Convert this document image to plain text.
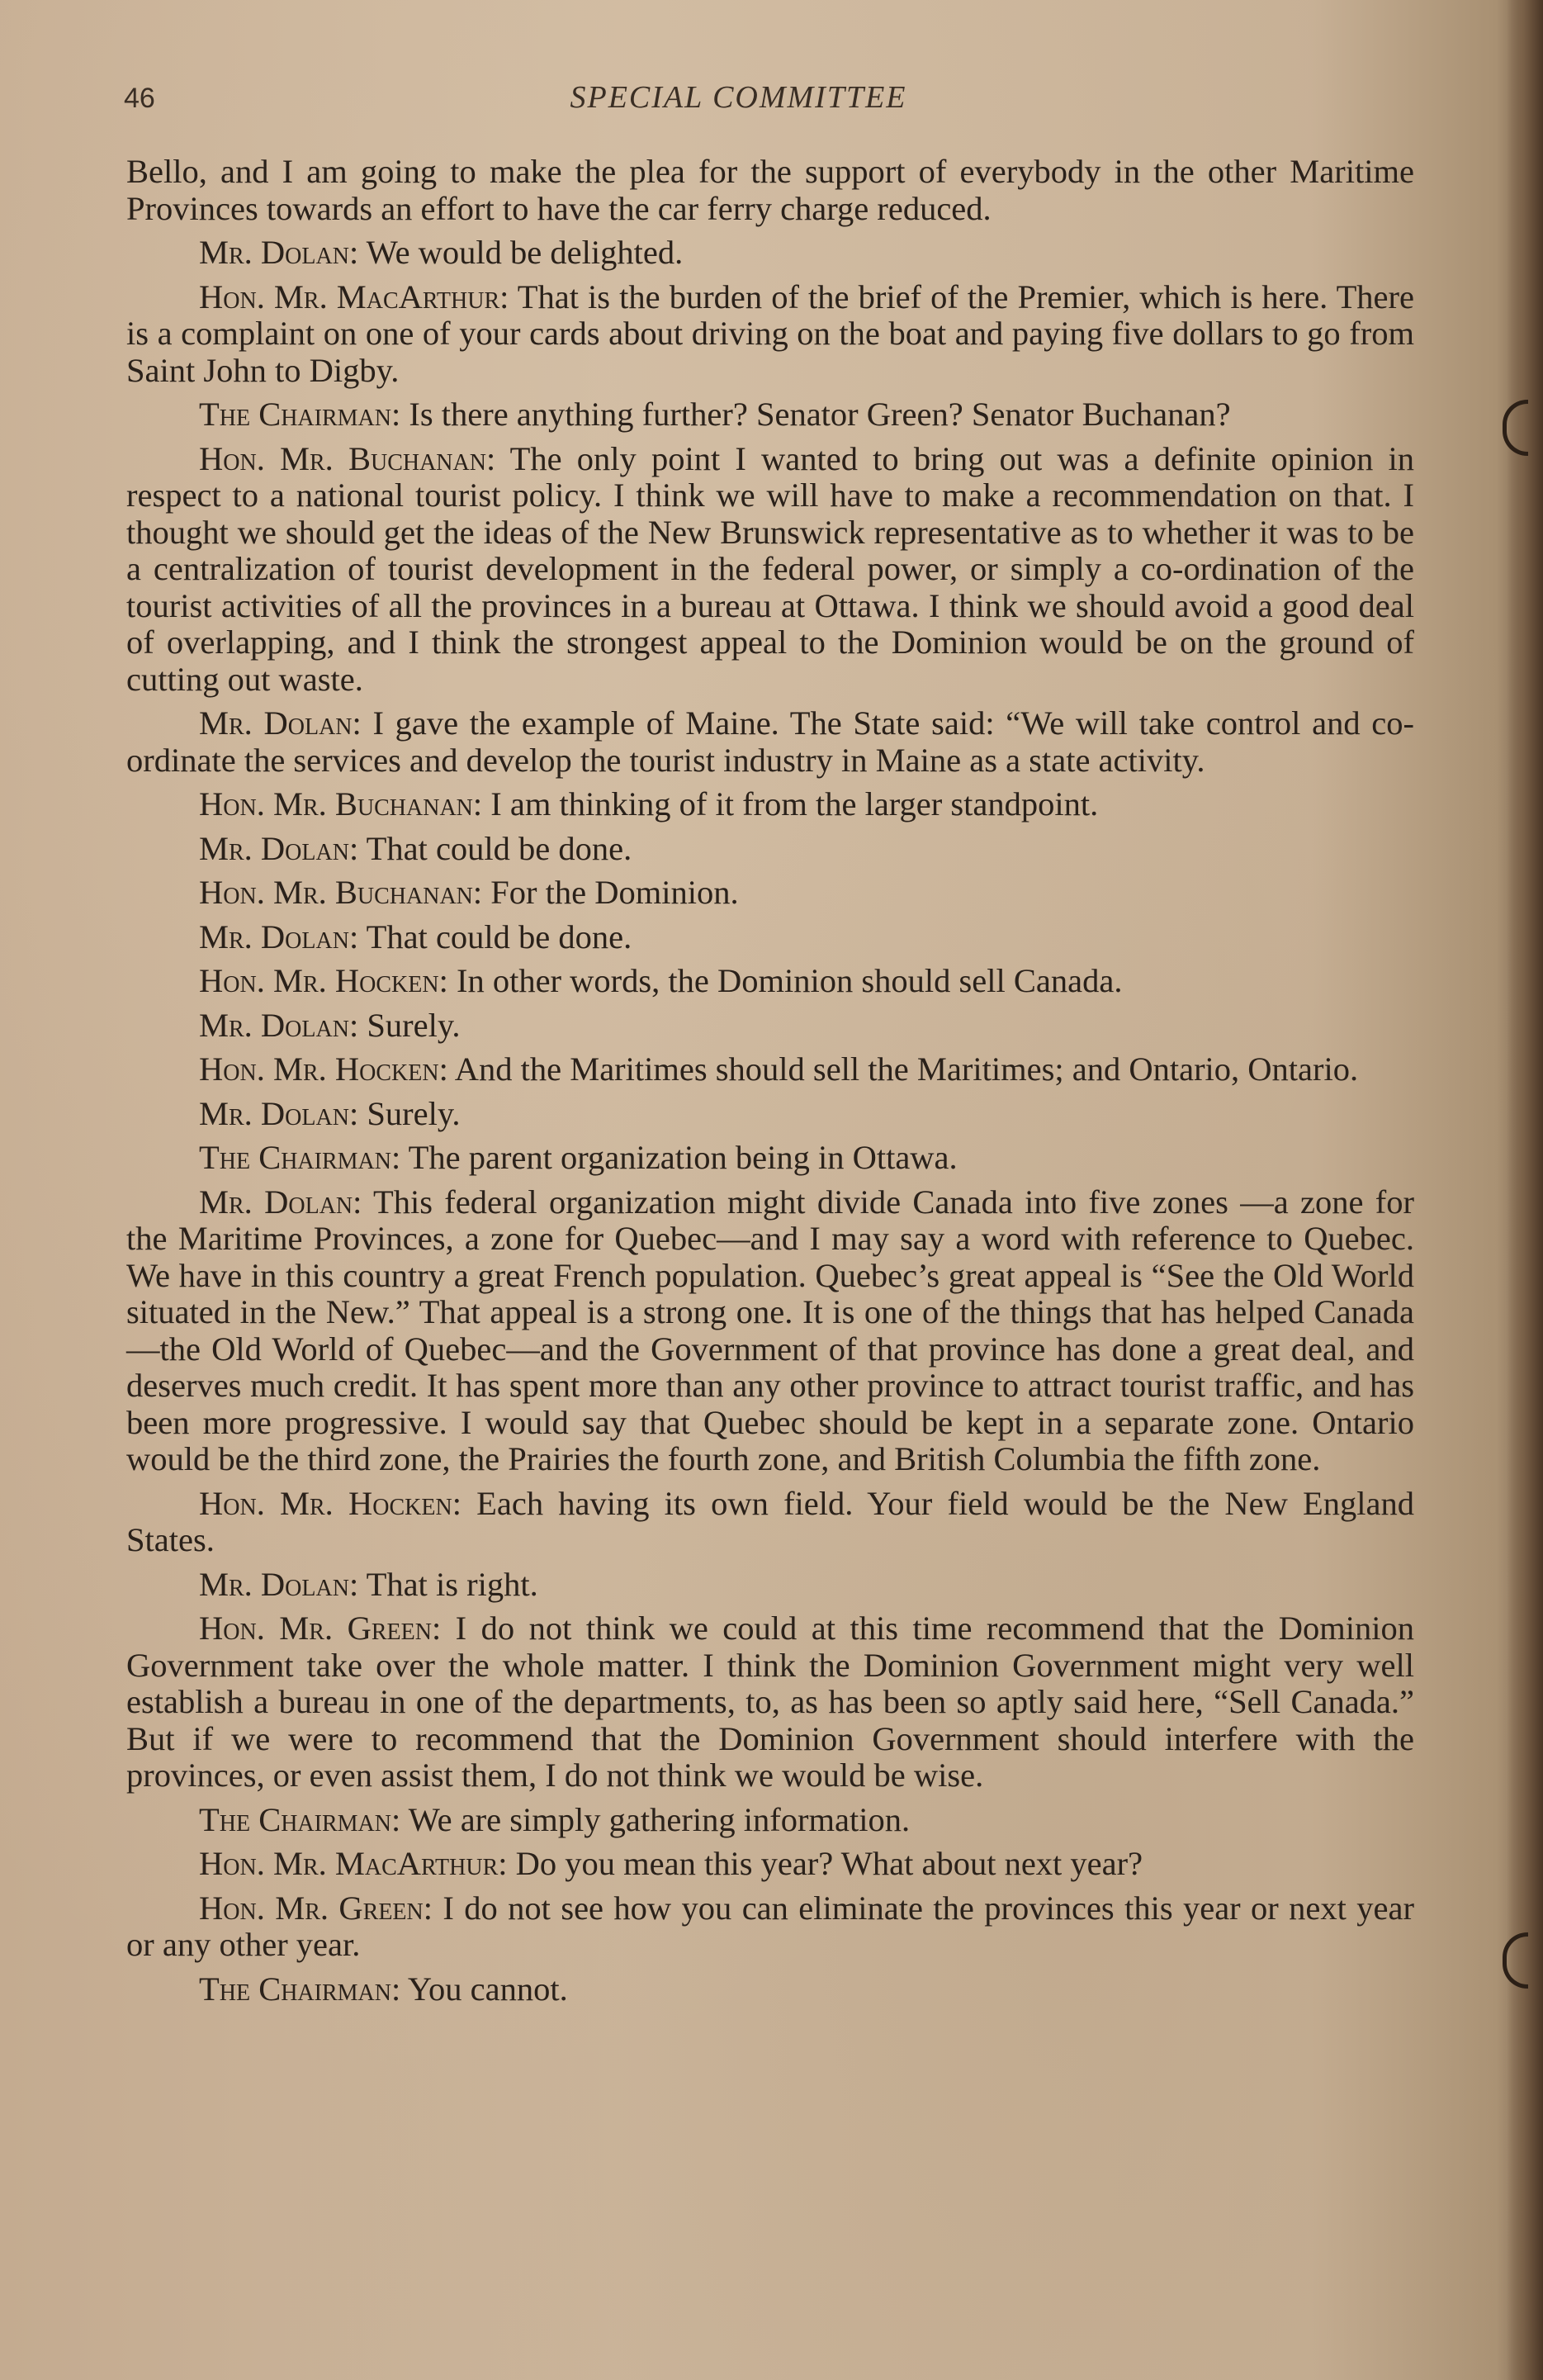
46	SPECIAL COMMITTEE

Bello, and I am going to make the plea for the support of everybody in the other Maritime Provinces towards an effort to have the car ferry charge reduced.

Mr. Dolan: We would be delighted.

Hon. Mr. MacArthur: That is the burden of the brief of the Premier, which is here. There is a complaint on one of your cards about driving on the boat and paying five dollars to go from Saint John to Digby.

The Chairman: Is there anything further? Senator Green? Senator Buchanan?

Hon. Mr. Buchanan: The only point I wanted to bring out was a definite opinion in respect to a national tourist policy. I think we will have to make a recommendation on that. I thought we should get the ideas of the New Brunswick representative as to whether it was to be a centralization of tourist development in the federal power, or simply a co-ordination of the tourist activities of all the provinces in a bureau at Ottawa. I think we should avoid a good deal of overlapping, and I think the strongest appeal to the Dominion would be on the ground of cutting out waste.

Mr. Dolan: I gave the example of Maine. The State said: “We will take control and co-ordinate the services and develop the tourist industry in Maine as a state activity.

Hon. Mr. Buchanan: I am thinking of it from the larger standpoint.

Mr. Dolan: That could be done.

Hon. Mr. Buchanan: For the Dominion.

Mr. Dolan: That could be done.

Hon. Mr. Hocken: In other words, the Dominion should sell Canada.

Mr. Dolan: Surely.

Hon. Mr. Hocken: And the Maritimes should sell the Maritimes; and Ontario, Ontario.

Mr. Dolan: Surely.

The Chairman: The parent organization being in Ottawa.

Mr. Dolan: This federal organization might divide Canada into five zones —a zone for the Maritime Provinces, a zone for Quebec—and I may say a word with reference to Quebec. We have in this country a great French population. Quebec’s great appeal is “See the Old World situated in the New.” That appeal is a strong one. It is one of the things that has helped Canada—the Old World of Quebec—and the Government of that province has done a great deal, and deserves much credit. It has spent more than any other province to attract tourist traffic, and has been more progressive. I would say that Quebec should be kept in a separate zone. Ontario would be the third zone, the Prairies the fourth zone, and British Columbia the fifth zone.

Hon. Mr. Hocken: Each having its own field. Your field would be the New England States.

Mr. Dolan: That is right.

Hon. Mr. Green: I do not think we could at this time recommend that the Dominion Government take over the whole matter. I think the Dominion Government might very well establish a bureau in one of the departments, to, as has been so aptly said here, “Sell Canada.” But if we were to recommend that the Dominion Government should interfere with the provinces, or even assist them, I do not think we would be wise.

The Chairman: We are simply gathering information.

Hon. Mr. MacArthur: Do you mean this year? What about next year?

Hon. Mr. Green: I do not see how you can eliminate the provinces this year or next year or any other year.

The Chairman: You cannot.
